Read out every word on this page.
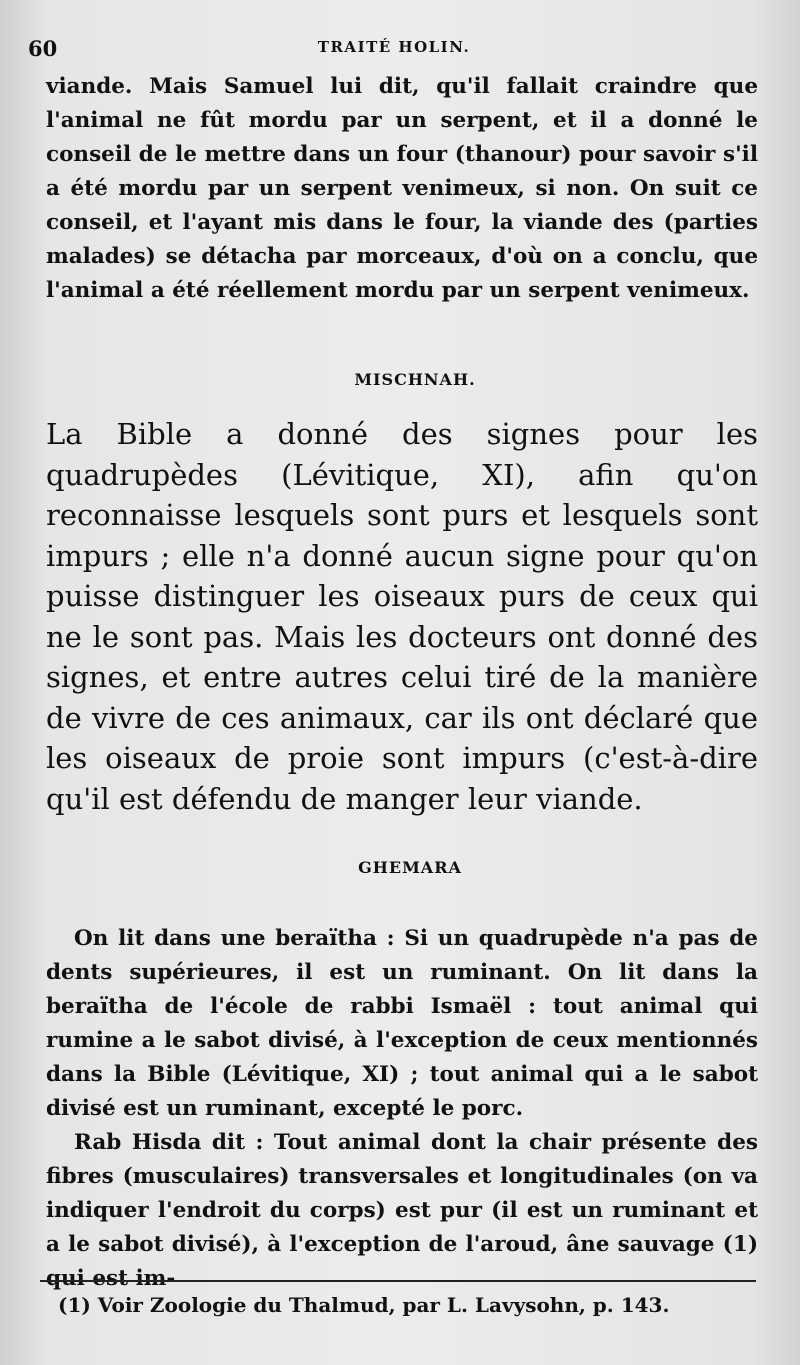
60	TRAITÉ HOLIN.

viande. Mais Samuel lui dit, qu'il fallait craindre que l'animal ne fût mordu par un serpent, et il a donné le conseil de le mettre dans un four (thanour) pour savoir s'il a été mordu par un serpent venimeux, si non. On suit ce conseil, et l'ayant mis dans le four, la viande des (parties malades) se détacha par morceaux, d'où on a conclu, que l'animal a été réellement mordu par un serpent venimeux.

MISCHNAH.

La Bible a donné des signes pour les quadrupèdes (Lévitique, XI), afin qu'on reconnaisse lesquels sont purs et lesquels sont impurs ; elle n'a donné aucun signe pour qu'on puisse distinguer les oiseaux purs de ceux qui ne le sont pas. Mais les docteurs ont donné des signes, et entre autres celui tiré de la manière de vivre de ces animaux, car ils ont déclaré que les oiseaux de proie sont impurs (c'est-à-dire qu'il est défendu de manger leur viande.

GHEMARA

On lit dans une beraïtha : Si un quadrupède n'a pas de dents supérieures, il est un ruminant. On lit dans la beraïtha de l'école de rabbi Ismaël : tout animal qui rumine a le sabot divisé, à l'exception de ceux mentionnés dans la Bible (Lévitique, XI) ; tout animal qui a le sabot divisé est un ruminant, excepté le porc.

Rab Hisda dit : Tout animal dont la chair présente des fibres (musculaires) transversales et longitudinales (on va indiquer l'endroit du corps) est pur (il est un ruminant et a le sabot divisé), à l'exception de l'aroud, âne sauvage (1) qui est im-

(1) Voir Zoologie du Thalmud, par L. Lavysohn, p. 143.
